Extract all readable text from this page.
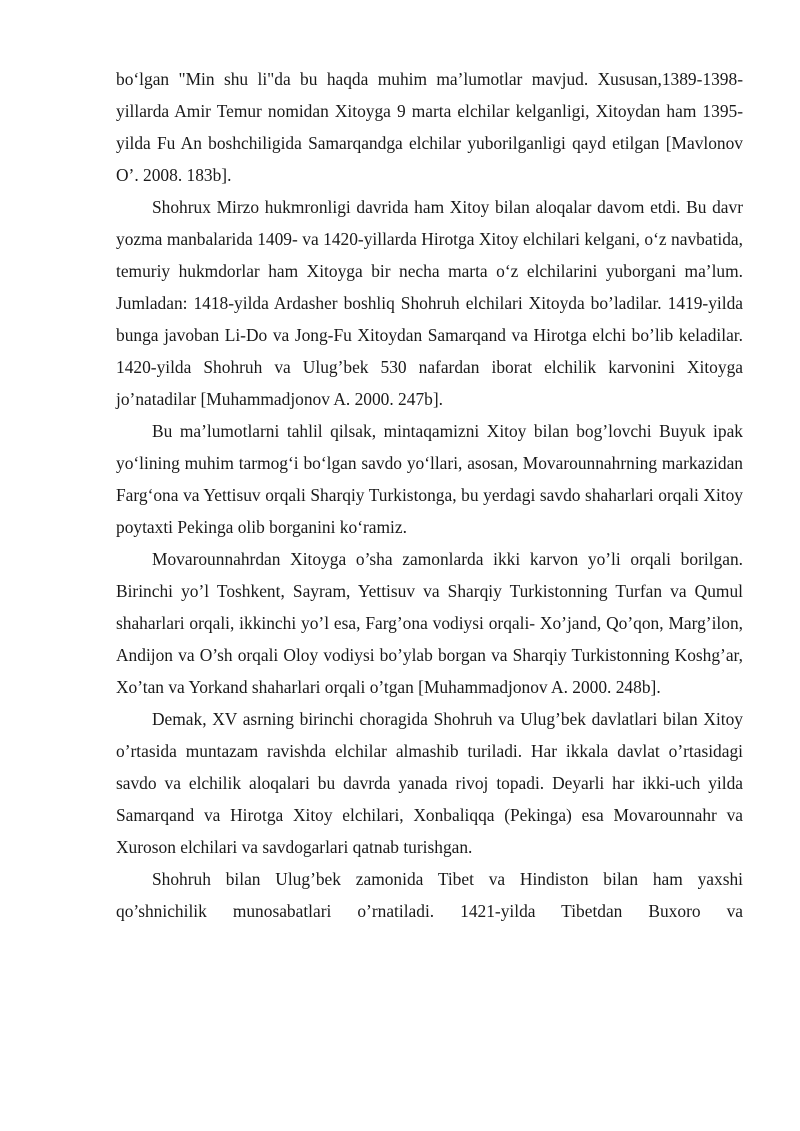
bo‘lgan "Min shu li"da bu haqda muhim ma’lumotlar mavjud. Xususan,1389-1398-yillarda Amir Temur nomidan Xitoyga 9 marta elchilar kelganligi, Xitoydan ham 1395-yilda Fu An boshchiligida Samarqandga elchilar yuborilganligi qayd etilgan [Mavlonov O’. 2008. 183b].

Shohrux Mirzo hukmronligi davrida ham Xitoy bilan aloqalar davom etdi. Bu davr yozma manbalarida 1409- va 1420-yillarda Hirotga Xitoy elchilari kelgani, o‘z navbatida, temuriy hukmdorlar ham Xitoyga bir necha marta o‘z elchilarini yuborgani ma’lum. Jumladan: 1418-yilda Ardasher boshliq Shohruh elchilari Xitoyda bo’ladilar. 1419-yilda bunga javoban Li-Do va Jong-Fu Xitoydan Samarqand va Hirotga elchi bo’lib keladilar. 1420-yilda Shohruh va Ulug’bek 530 nafardan iborat elchilik karvonini Xitoyga jo’natadilar [Muhammadjonov A. 2000. 247b].

Bu ma’lumotlarni tahlil qilsak, mintaqamizni Xitoy bilan bog’lovchi Buyuk ipak yo‘lining muhim tarmog‘i bo‘lgan savdo yo‘llari, asosan, Movarounnahrning markazidan Farg‘ona va Yettisuv orqali Sharqiy Turkistonga, bu yerdagi savdo shaharlari orqali Xitoy poytaxti Pekinga olib borganini ko‘ramiz.

Movarounnahrdan Xitoyga o’sha zamonlarda ikki karvon yo’li orqali borilgan. Birinchi yo’l Toshkent, Sayram, Yettisuv va Sharqiy Turkistonning Turfan va Qumul shaharlari orqali, ikkinchi yo’l esa, Farg’ona vodiysi orqali- Xo’jand, Qo’qon, Marg’ilon, Andijon va O’sh orqali Oloy vodiysi bo’ylab borgan va Sharqiy Turkistonning Koshg’ar, Xo’tan va Yorkand shaharlari orqali o’tgan [Muhammadjonov A. 2000. 248b].

Demak, XV asrning birinchi choragida Shohruh va Ulug’bek davlatlari bilan Xitoy o’rtasida muntazam ravishda elchilar almashib turiladi. Har ikkala davlat o’rtasidagi savdo va elchilik aloqalari bu davrda yanada rivoj topadi. Deyarli har ikki-uch yilda Samarqand va Hirotga Xitoy elchilari, Xonbaliqqa (Pekinga) esa Movarounnahr va Xuroson elchilari va savdogarlari qatnab turishgan.

Shohruh bilan Ulug’bek zamonida Tibet va Hindiston bilan ham yaxshi qo’shnichilik munosabatlari o’rnatiladi. 1421-yilda Tibetdan Buxoro va
